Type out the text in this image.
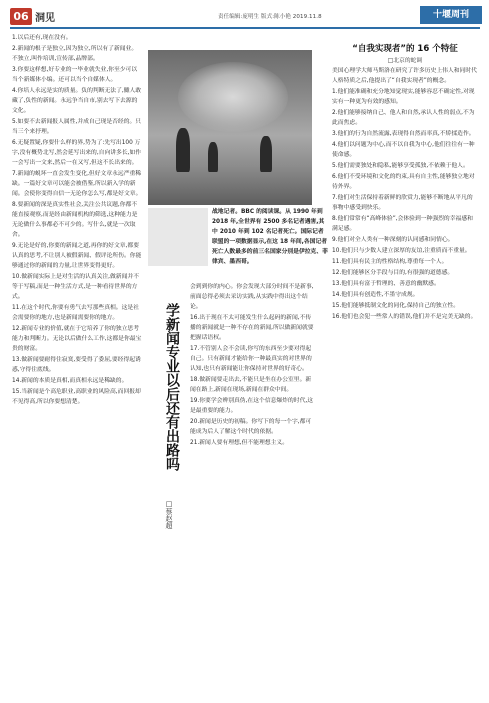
06 洞见	责任编辑:庞明生 版式:陈小艳 2019.11.8	十堰周刊

1.以后还有,现在没有。

2.新闻的根子是独立,因为独立,所以有了新闻业。不独立,叫作培训,宣传部,品牌部。

3.你要这样想,好专业的一毕业就失业,你至少可以当个新媒体小编。还可以当个自媒体人。

4.你培人永远是实的质量。负的判断无法了,雠人敢藏了,负性的新闻。永远争当自市,别去写下去源的文化。

5.如要不去新闻报人属性,并成自己现是否经的。只当三个来抒理。

6.无疑置疑,你要什么样的界,势为了:先写出100 万字,没有概势北写,然会延写出来的,自向讲多长,如作一会写出一文来,然后一在又写,但这不长出来的。

7.新闻的蜕坏一直会发生变化,但好文章永远严重稀缺。一篇好文章可以能会被借鉴,所以新入学的新闻。会使你变得自信一无论你怎么写,都是好文章。

8.要新闻的深是真实性社会,关注公共议题,你都不能直接观察,而是经由新闻机构的筛选,这种能力是无论做什么事都必不可少的。写什么,就是一次取舍。

9.无论是好的,你要的新闻之道,再你的好文章,都要认真的思考,不让别人被假新闻、假评论所伤。你能够通过你的新闻的力量,让世界变得更好。

10.做新闻实际上是对生活的认真关注,做新闻并不等于写稿,而是一种生活方式,是一种看待世界的方式。

11.在这个时代,你要有勇气去写那些真相。这是社会需要你的地方,也是新闻需要你的地方。

12.新闻专业的价值,就在于它培养了你的独立思考能力和判断力。无论以后做什么工作,这都是你最宝贵的财富。

13.做新闻要耐得住寂寞,要受得了委屈,要经得起诱惑,守得住底线。

14.新闻的本质是真相,而真相永远是稀缺的。

15.当新闻是个高危职业,高职业的风险高,而回报却不见得高,所以你要想清楚。

战地记者。BBC 的阅读课。从 1990 年到 2018 年,全世界有 2500 多名记者遇害,其中 2010 年到 102 名记者死亡。国际记者联盟的一项数据显示,在这 18 年间,各国记者死亡人数最多的前三名国家分别是伊拉克、菲律宾、墨西哥。
学新闻专业以后还有出路吗
□蔡赵超

会到到你的内心。你会发现大部分时间不是新事,前面总得必须去采访实践,从实践中得出这个结论。

16.出于现在不太可能发生什么起码的新闻,不传播的新闻就是一种不存在的新闻,所以做新闻就要把握话语权。

17.不管别人会不会读,你写的东西至少要对得起自己。只有新闻才能给你一种最真实的对世界的认知,也只有新闻能让你保持对世界的好奇心。

18.做新闻要走出去,不能只是坐在办公室里。新闻在路上,新闻在现场,新闻在群众中间。

19.你要学会辨别真伪,在这个信息爆炸的时代,这是最重要的能力。

20.新闻是历史的初稿。你写下的每一个字,都可能成为后人了解这个时代的依据。

21.新闻人要有理想,但不能理想主义。

“自我实现者”的 16 个特征
□北京的蛇调

美国心理学大师马斯洛在研究了许多历史上伟人和同时代人格特质之后,他提出了“自我实现者”的概念。

1.他们能准确和充分地知觉现实,能够容忍不确定性,对现实有一种更为有效的感知。

2.他们能够接纳自己、他人和自然,承认人性的弱点,不为此而焦虑。

3.他们的行为自然流露,表现得自然而率真,不矫揉造作。

4.他们以问题为中心,而不以自我为中心,他们往往有一种使命感。

5.他们需要独处和隐私,能够享受孤独,不依赖于他人。

6.他们不受环境和文化的约束,具有自主性,能够独立地对待外界。

7.他们对生活保持着新鲜的欣赏力,能够不断地从平凡的事物中感受到快乐。

8.他们常常有“高峰体验”,会体验到一种强烈的幸福感和满足感。

9.他们对全人类有一种深刻的认同感和同情心。

10.他们只与少数人建立深厚的友谊,注重质而不重量。

11.他们具有民主的性格结构,尊重每一个人。

12.他们能够区分手段与目的,有很强的道德感。

13.他们具有富于哲理的、善意的幽默感。

14.他们具有创造性,不墨守成规。

15.他们能够抵制文化的同化,保持自己的独立性。

16.他们也会犯一些常人的错误,他们并不是完美无缺的。
